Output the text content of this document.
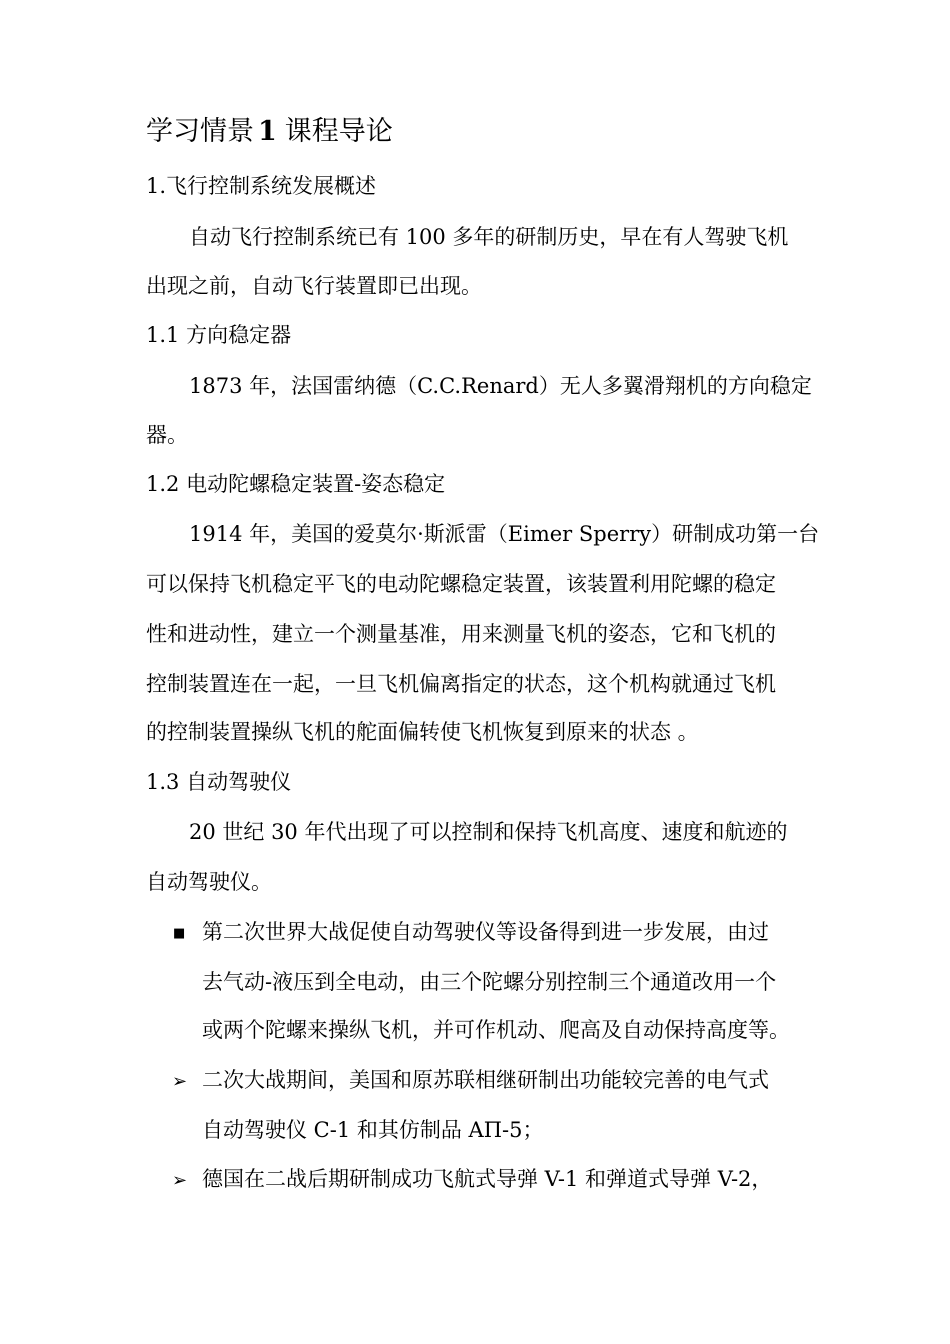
学习情景 1 课程导论
1.飞行控制系统发展概述
自动飞行控制系统已有 100 多年的研制历史，早在有人驾驶飞机
出现之前，自动飞行装置即已出现。
1.1 方向稳定器
1873 年，法国雷纳德（C.C.Renard）无人多翼滑翔机的方向稳定
器。
1.2 电动陀螺稳定装置-姿态稳定
1914 年，美国的爱莫尔·斯派雷（Eimer Sperry）研制成功第一台
可以保持飞机稳定平飞的电动陀螺稳定装置，该装置利用陀螺的稳定
性和进动性，建立一个测量基准，用来测量飞机的姿态，它和飞机的
控制装置连在一起，一旦飞机偏离指定的状态，这个机构就通过飞机
的控制装置操纵飞机的舵面偏转使飞机恢复到原来的状态 。
1.3 自动驾驶仪
20 世纪 30 年代出现了可以控制和保持飞机高度、速度和航迹的
自动驾驶仪。
■ 第二次世界大战促使自动驾驶仪等设备得到进一步发展，由过
去气动-液压到全电动，由三个陀螺分别控制三个通道改用一个
或两个陀螺来操纵飞机，并可作机动、爬高及自动保持高度等。
➢ 二次大战期间，美国和原苏联相继研制出功能较完善的电气式
自动驾驶仪 C-1 和其仿制品 AΠ-5；
➢ 德国在二战后期研制成功飞航式导弹 V-1 和弹道式导弹 V-2，
